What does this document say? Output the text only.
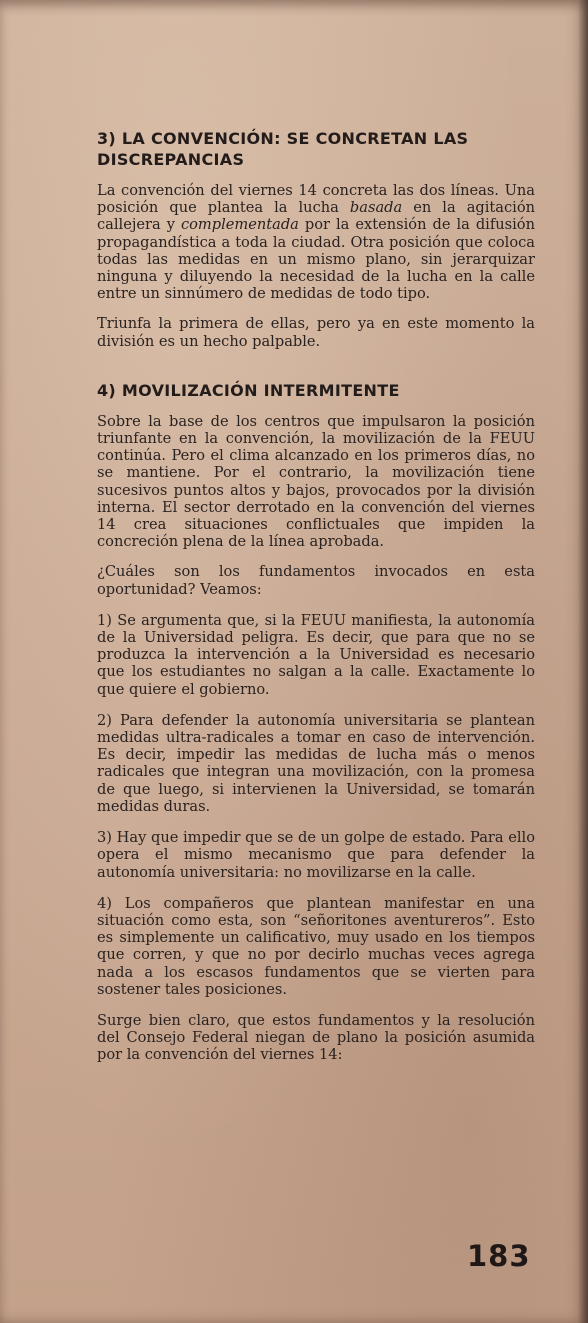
3) LA CONVENCIÓN: SE CONCRETAN LAS DISCREPANCIAS

La convención del viernes 14 concreta las dos líneas. Una posición que plantea la lucha basada en la agitación callejera y complementada por la extensión de la difusión propagandística a toda la ciudad. Otra posición que coloca todas las medidas en un mismo plano, sin jerarquizar ninguna y diluyendo la necesidad de la lucha en la calle entre un sinnúmero de medidas de todo tipo.

Triunfa la primera de ellas, pero ya en este momento la división es un hecho palpable.

4) MOVILIZACIÓN INTERMITENTE

Sobre la base de los centros que impulsaron la posición triunfante en la convención, la movilización de la FEUU continúa. Pero el clima alcanzado en los primeros días, no se mantiene. Por el contrario, la movilización tiene sucesivos puntos altos y bajos, provocados por la división interna. El sector derrotado en la convención del viernes 14 crea situaciones conflictuales que impiden la concreción plena de la línea aprobada.

¿Cuáles son los fundamentos invocados en esta oportunidad? Veamos:

1) Se argumenta que, si la FEUU manifiesta, la autonomía de la Universidad peligra. Es decir, que para que no se produzca la intervención a la Universidad es necesario que los estudiantes no salgan a la calle. Exactamente lo que quiere el gobierno.

2) Para defender la autonomía universitaria se plantean medidas ultra-radicales a tomar en caso de intervención. Es decir, impedir las medidas de lucha más o menos radicales que integran una movilización, con la promesa de que luego, si intervienen la Universidad, se tomarán medidas duras.

3) Hay que impedir que se de un golpe de estado. Para ello opera el mismo mecanismo que para defender la autonomía universitaria: no movilizarse en la calle.

4) Los compañeros que plantean manifestar en una situación como esta, son “señoritones aventureros”. Esto es simplemente un calificativo, muy usado en los tiempos que corren, y que no por decirlo muchas veces agrega nada a los escasos fundamentos que se vierten para sostener tales posiciones.

Surge bien claro, que estos fundamentos y la resolución del Consejo Federal niegan de plano la posición asumida por la convención del viernes 14:

183
